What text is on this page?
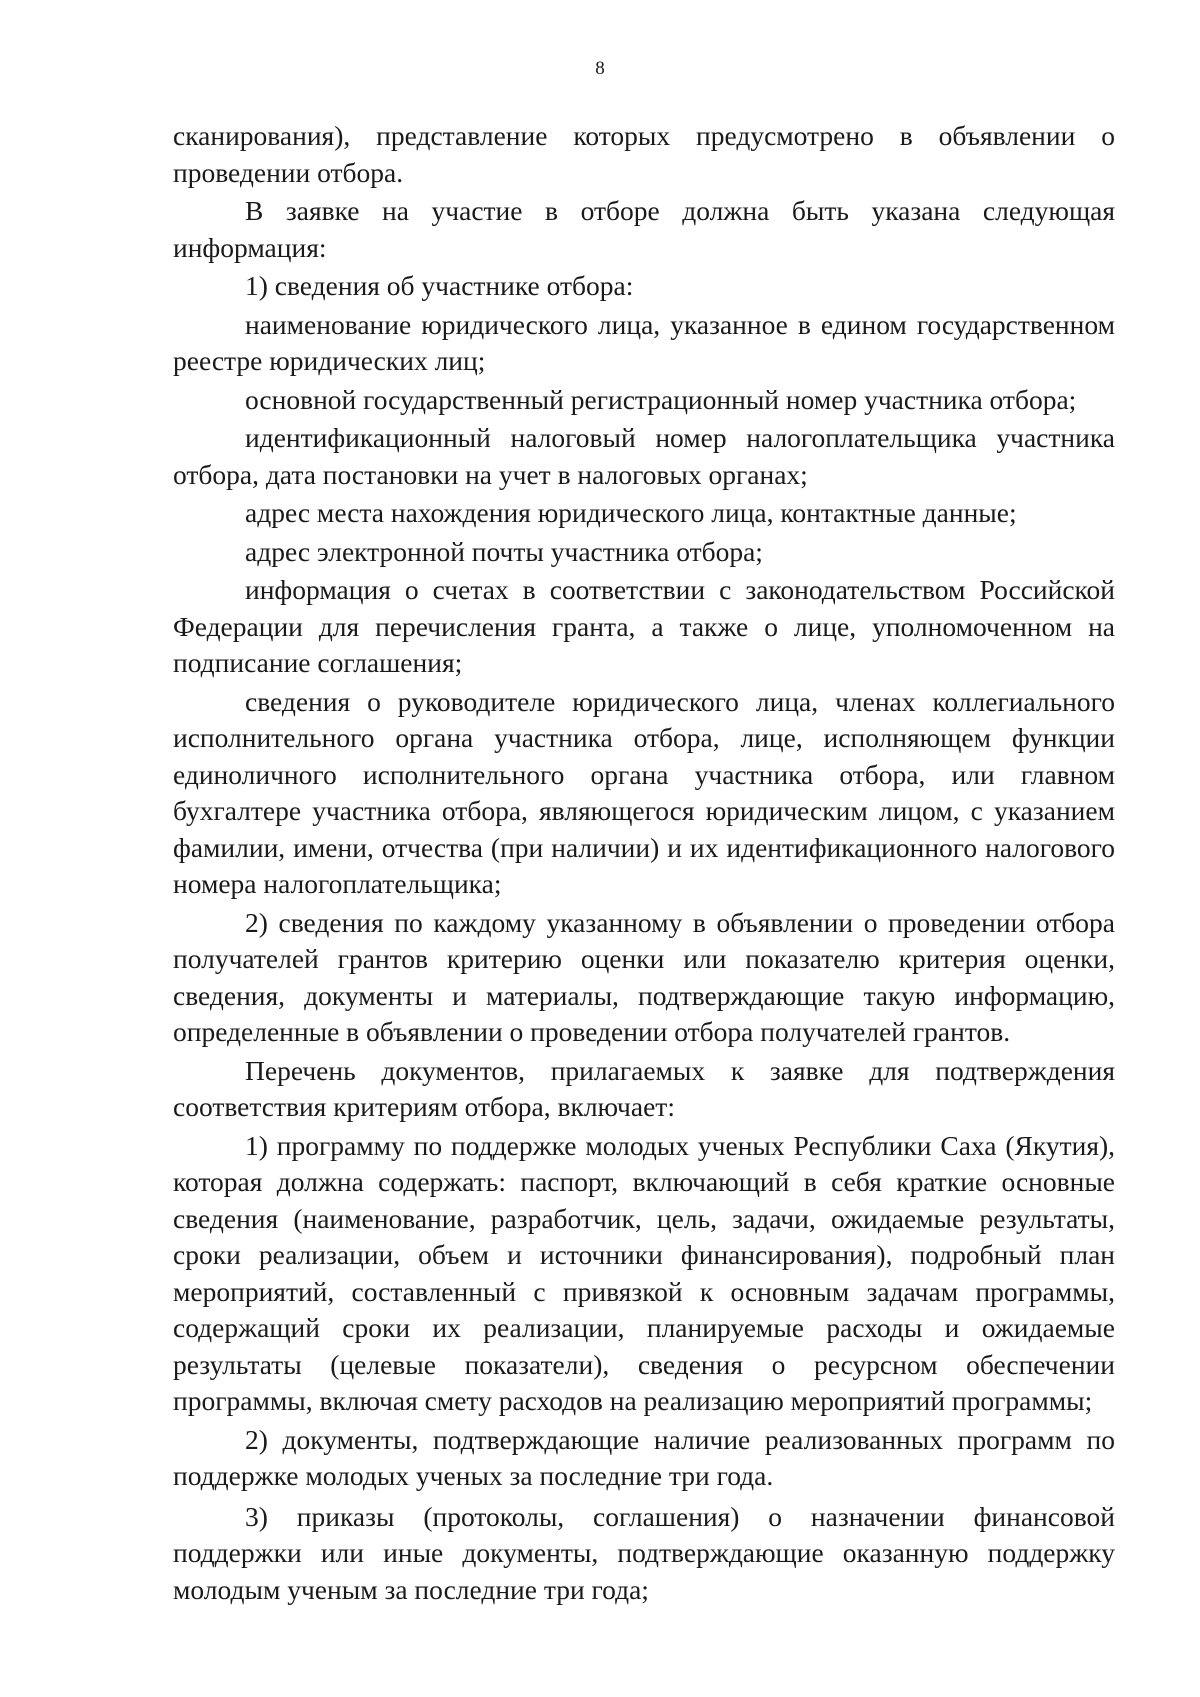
8

сканирования), представление которых предусмотрено в объявлении о проведении отбора.

В заявке на участие в отборе должна быть указана следующая информация:

1) сведения об участнике отбора:

наименование юридического лица, указанное в едином государственном реестре юридических лиц;

основной государственный регистрационный номер участника отбора;

идентификационный налоговый номер налогоплательщика участника отбора, дата постановки на учет в налоговых органах;

адрес места нахождения юридического лица, контактные данные;

адрес электронной почты участника отбора;

информация о счетах в соответствии с законодательством Российской Федерации для перечисления гранта, а также о лице, уполномоченном на подписание соглашения;

сведения о руководителе юридического лица, членах коллегиального исполнительного органа участника отбора, лице, исполняющем функции единоличного исполнительного органа участника отбора, или главном бухгалтере участника отбора, являющегося юридическим лицом, с указанием фамилии, имени, отчества (при наличии) и их идентификационного налогового номера налогоплательщика;

2) сведения по каждому указанному в объявлении о проведении отбора получателей грантов критерию оценки или показателю критерия оценки, сведения, документы и материалы, подтверждающие такую информацию, определенные в объявлении о проведении отбора получателей грантов.

Перечень документов, прилагаемых к заявке для подтверждения соответствия критериям отбора, включает:

1) программу по поддержке молодых ученых Республики Саха (Якутия), которая должна содержать: паспорт, включающий в себя краткие основные сведения (наименование, разработчик, цель, задачи, ожидаемые результаты, сроки реализации, объем и источники финансирования), подробный план мероприятий, составленный с привязкой к основным задачам программы, содержащий сроки их реализации, планируемые расходы и ожидаемые результаты (целевые показатели), сведения о ресурсном обеспечении программы, включая смету расходов на реализацию мероприятий программы;

2) документы, подтверждающие наличие реализованных программ по поддержке молодых ученых за последние три года.

3) приказы (протоколы, соглашения) о назначении финансовой поддержки или иные документы, подтверждающие оказанную поддержку молодым ученым за последние три года;
